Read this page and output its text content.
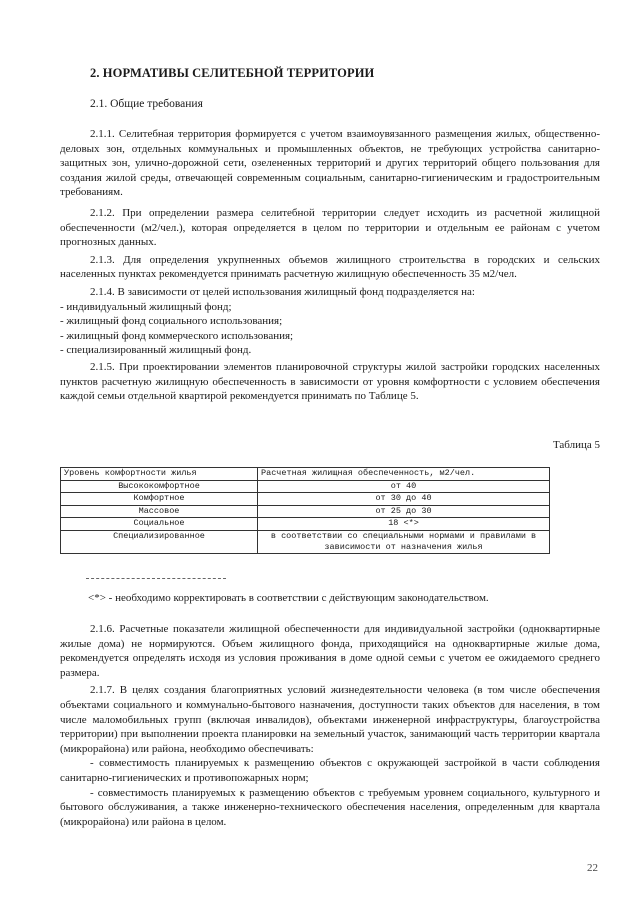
2. НОРМАТИВЫ СЕЛИТЕБНОЙ ТЕРРИТОРИИ
2.1. Общие требования

2.1.1. Селитебная территория формируется с учетом взаимоувязанного размещения жилых, общественно-деловых зон, отдельных коммунальных и промышленных объектов, не требующих устройства санитарно-защитных зон, улично-дорожной сети, озелененных территорий и других территорий общего пользования для создания жилой среды, отвечающей современным социальным, санитарно-гигиеническим и градостроительным требованиям.

2.1.2. При определении размера селитебной территории следует исходить из расчетной жилищной обеспеченности (м2/чел.), которая определяется в целом по территории и отдельным ее районам с учетом прогнозных данных.

2.1.3. Для определения укрупненных объемов жилищного строительства в городских и сельских населенных пунктах рекомендуется принимать расчетную жилищную обеспеченность 35 м2/чел.

2.1.4. В зависимости от целей использования жилищный фонд подразделяется на:

- индивидуальный жилищный фонд;
- жилищный фонд социального использования;
- жилищный фонд коммерческого использования;
- специализированный жилищный фонд.

2.1.5. При проектировании элементов планировочной структуры жилой застройки городских населенных пунктов расчетную жилищную обеспеченность в зависимости от уровня комфортности с условием обеспечения каждой семьи отдельной квартирой рекомендуется принимать по Таблице 5.

Таблица 5
Уровень комфортности жилья	Расчетная жилищная обеспеченность, м2/чел.
Высококомфортное	от 40
Комфортное	от 30 до 40
Массовое	от 25 до 30
Социальное	18 <*>
Специализированное	в соответствии со специальными нормами и правилами в зависимости от назначения жилья
<*> - необходимо корректировать в соответствии с действующим законодательством.

2.1.6. Расчетные показатели жилищной обеспеченности для индивидуальной застройки (одноквартирные жилые дома) не нормируются. Объем жилищного фонда, приходящийся на одноквартирные жилые дома, рекомендуется определять исходя из условия проживания в доме одной семьи с учетом ее ожидаемого среднего размера.

2.1.7. В целях создания благоприятных условий жизнедеятельности человека (в том числе обеспечения объектами социального и коммунально-бытового назначения, доступности таких объектов для населения, в том числе маломобильных групп (включая инвалидов), объектами инженерной инфраструктуры, благоустройства территории) при выполнении проекта планировки на земельный участок, занимающий часть территории квартала (микрорайона) или района, необходимо обеспечивать:

- совместимость планируемых к размещению объектов с окружающей застройкой в части соблюдения санитарно-гигиенических и противопожарных норм;

- совместимость планируемых к размещению объектов с требуемым уровнем социального, культурного и бытового обслуживания, а также инженерно-технического обеспечения населения, определенным для квартала (микрорайона) или района в целом.

22
